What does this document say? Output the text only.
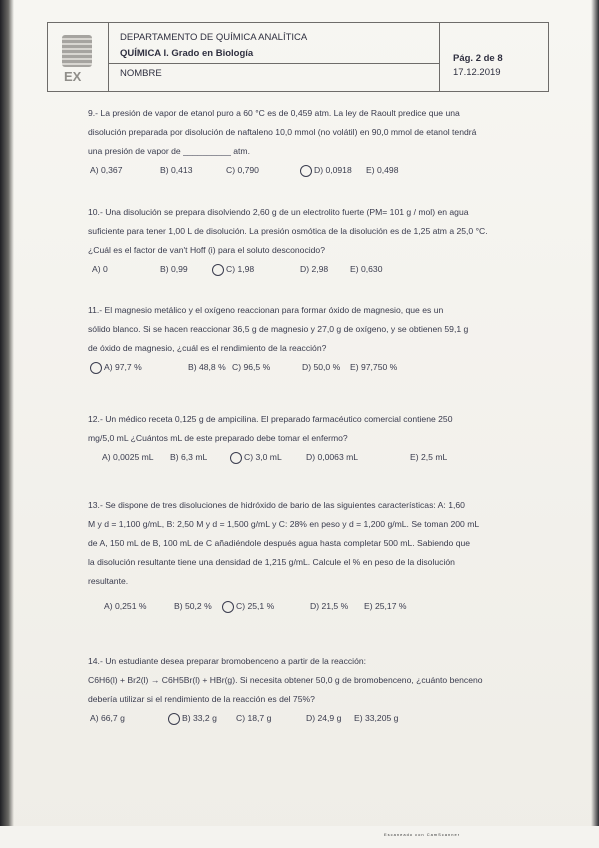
EX
DEPARTAMENTO DE QUÍMICA ANALÍTICA
QUÍMICA I. Grado en Biología
NOMBRE
Pág. 2 de 8
17.12.2019

9.- La presión de vapor de etanol puro a 60 °C es de 0,459 atm. La ley de Raoult predice que una

disolución preparada por disolución de naftaleno 10,0 mmol (no volátil) en 90,0 mmol de etanol tendrá

una presión de vapor de __________ atm.

A) 0,367	B) 0,413	C) 0,790	D) 0,0918 E) 0,498

10.- Una disolución se prepara disolviendo 2,60 g de un electrolito fuerte (PM= 101 g / mol) en agua

suficiente para tener 1,00 L de disolución. La presión osmótica de la disolución es de 1,25 atm a 25,0 °C.

¿Cuál es el factor de van't Hoff (i) para el soluto desconocido?

A) 0	B) 0,99	C) 1,98	D) 2,98	E) 0,630

11.- El magnesio metálico y el oxígeno reaccionan para formar óxido de magnesio, que es un

sólido blanco. Si se hacen reaccionar 36,5 g de magnesio y 27,0 g de oxígeno, y se obtienen 59,1 g

de óxido de magnesio, ¿cuál es el rendimiento de la reacción?

A) 97,7 %	B) 48,8 % C) 96,5 %	D) 50,0 % E) 97,750 %

12.- Un médico receta 0,125 g de ampicilina. El preparado farmacéutico comercial contiene 250

mg/5,0 mL ¿Cuántos mL de este preparado debe tomar el enfermo?

A) 0,0025 mL B) 6,3 mL	C) 3,0 mL	D) 0,0063 mL	E) 2,5 mL

13.- Se dispone de tres disoluciones de hidróxido de bario de las siguientes características: A: 1,60

M y d = 1,100 g/mL, B: 2,50 M y d = 1,500 g/mL y C: 28% en peso y d = 1,200 g/mL. Se toman 200 mL

de A, 150 mL de B, 100 mL de C añadiéndole después agua hasta completar 500 mL. Sabiendo que

la disolución resultante tiene una densidad de 1,215 g/mL. Calcule el % en peso de la disolución

resultante.

A) 0,251 %	B) 50,2 %	C) 25,1 %	D) 21,5 % E) 25,17 %

14.- Un estudiante desea preparar bromobenceno a partir de la reacción:

C6H6(l) + Br2(l) → C6H5Br(l) + HBr(g). Si necesita obtener 50,0 g de bromobenceno, ¿cuánto benceno

debería utilizar si el rendimiento de la reacción es del 75%?

A) 66,7 g	B) 33,2 g C) 18,7 g	D) 24,9 g E) 33,205 g
Escaneado con CamScanner
